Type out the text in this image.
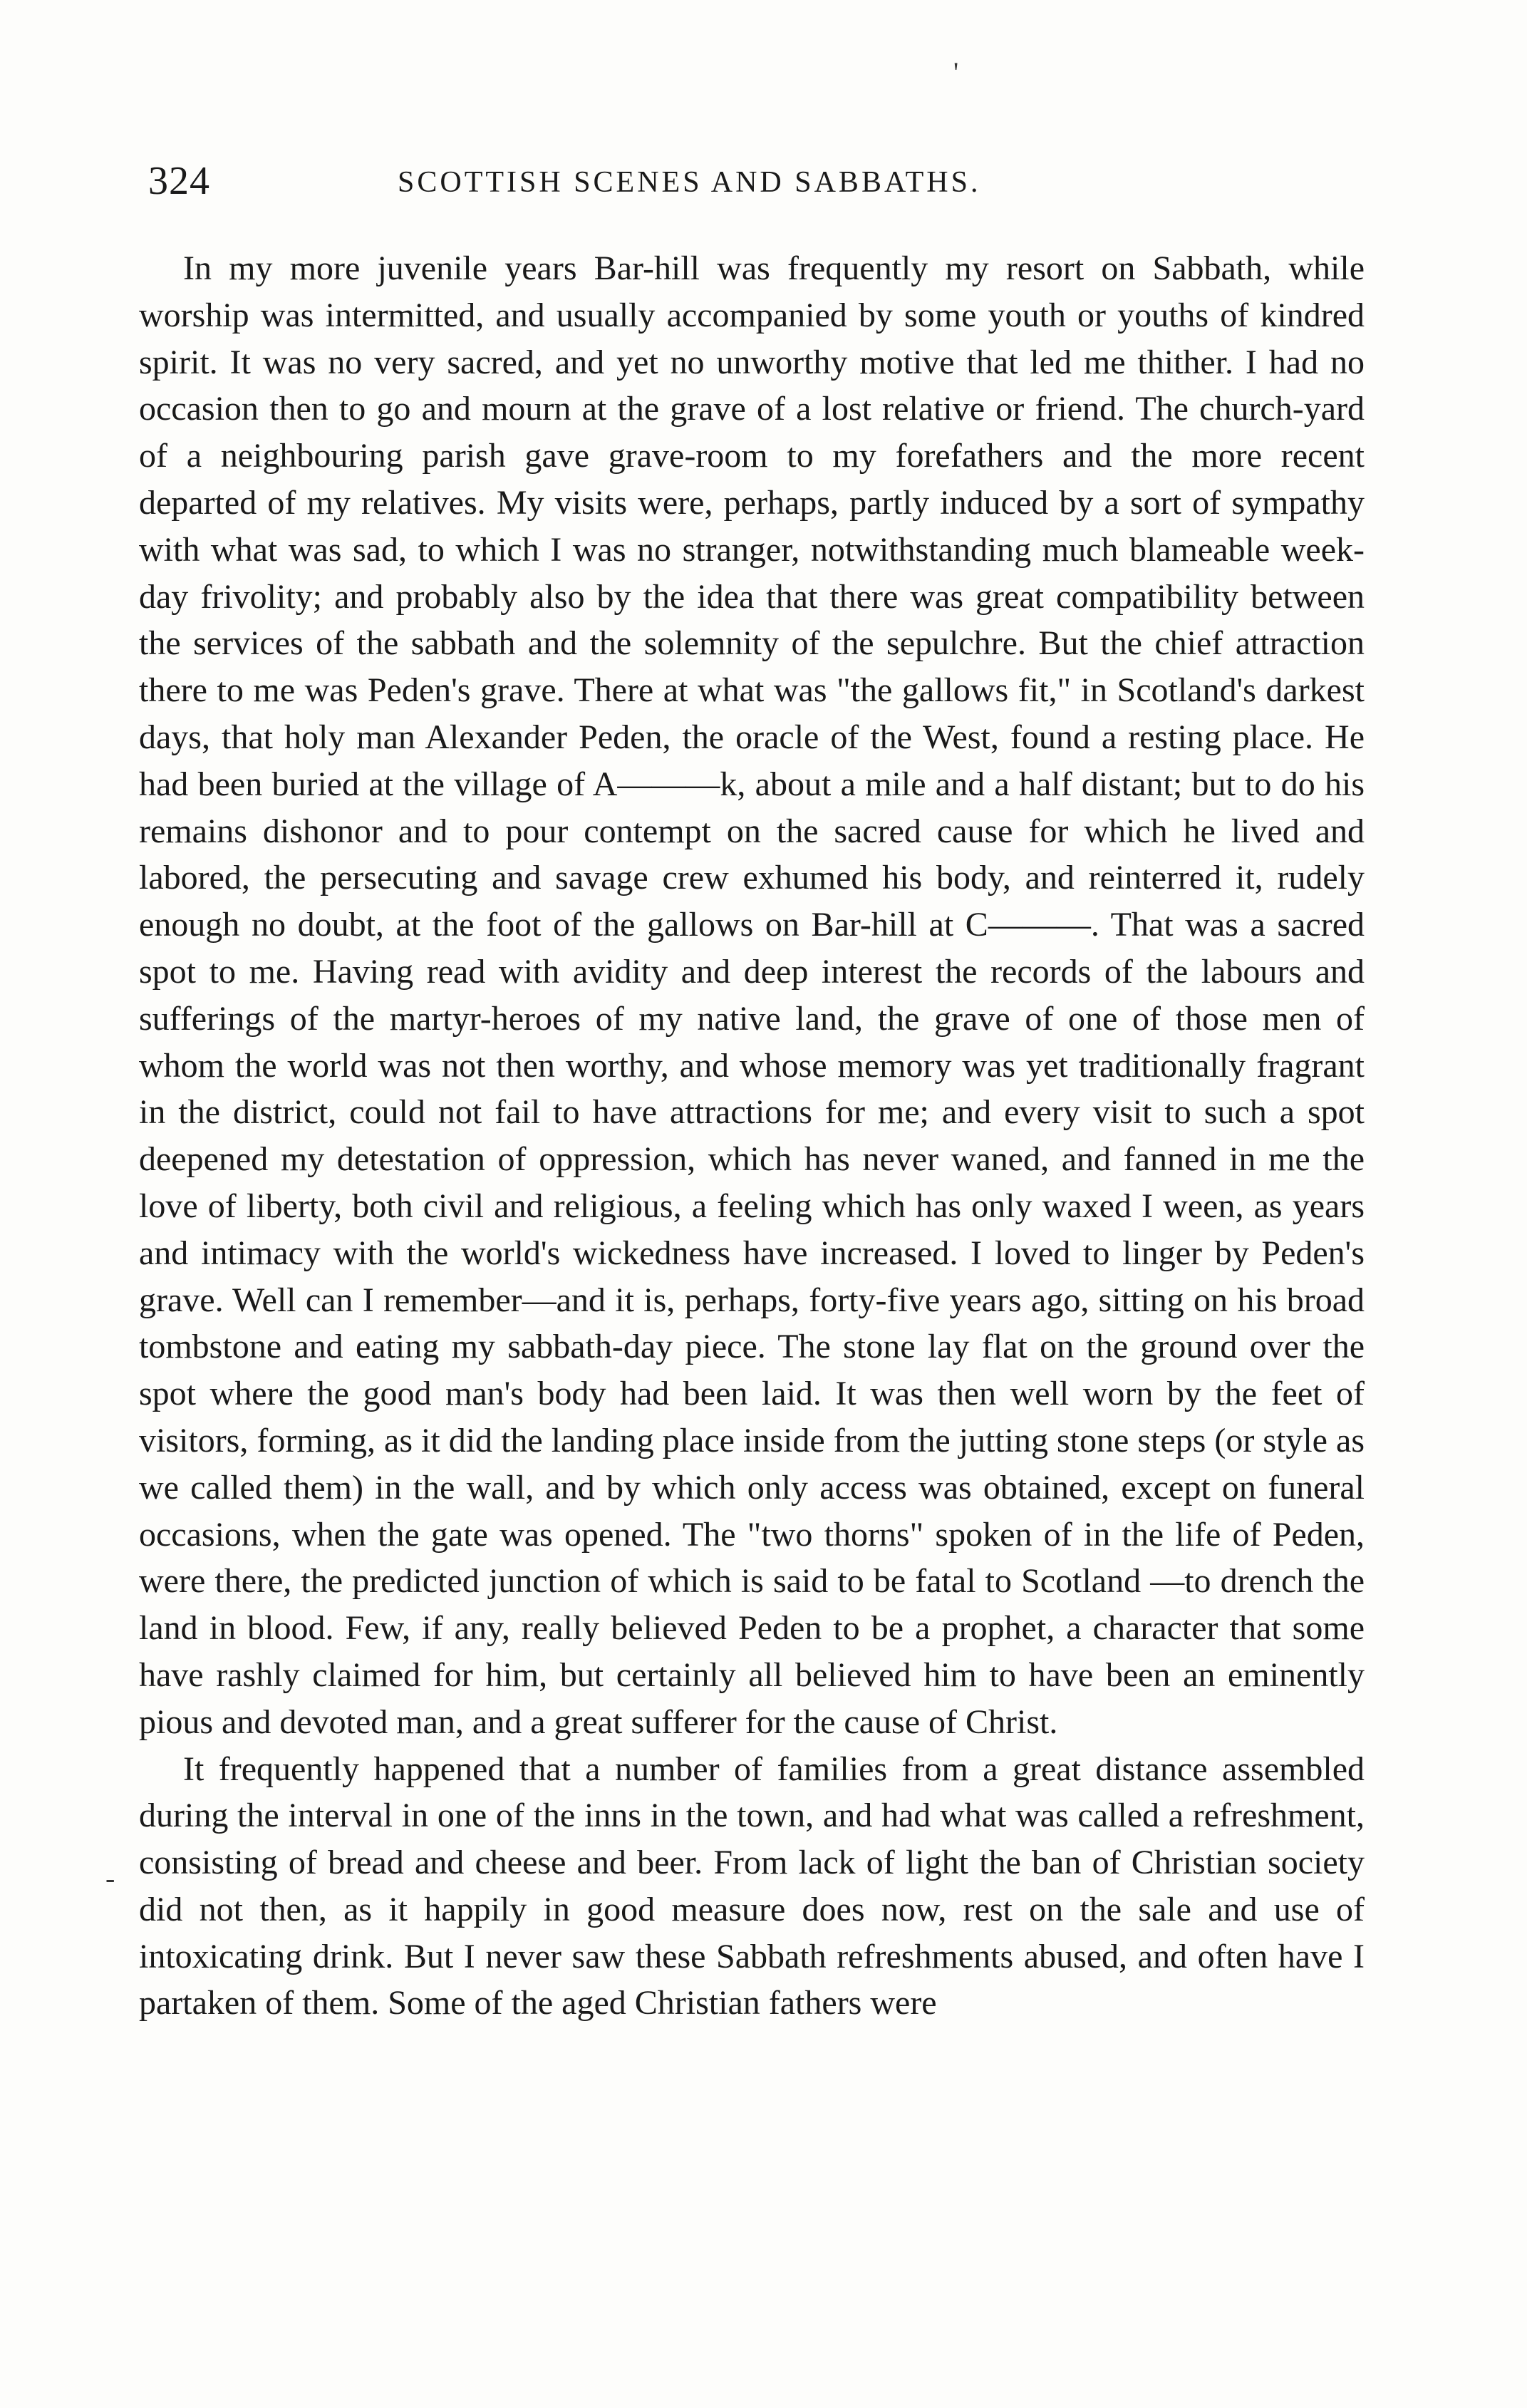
'
324	SCOTTISH SCENES AND SABBATHS.

In my more juvenile years Bar-hill was frequently my resort on Sabbath, while worship was intermitted, and usually accompanied by some youth or youths of kindred spirit. It was no very sacred, and yet no unworthy motive that led me thither. I had no occasion then to go and mourn at the grave of a lost relative or friend. The church-yard of a neighbouring parish gave grave-room to my forefathers and the more recent departed of my relatives. My visits were, perhaps, partly induced by a sort of sympathy with what was sad, to which I was no stranger, notwithstanding much blameable week-day frivolity; and probably also by the idea that there was great compatibility between the services of the sabbath and the solemnity of the sepulchre. But the chief attraction there to me was Peden's grave. There at what was "the gallows fit," in Scotland's darkest days, that holy man Alexander Peden, the oracle of the West, found a resting place. He had been buried at the village of A———k, about a mile and a half distant; but to do his remains dishonor and to pour contempt on the sacred cause for which he lived and labored, the persecuting and savage crew exhumed his body, and reinterred it, rudely enough no doubt, at the foot of the gallows on Bar-hill at C———. That was a sacred spot to me. Having read with avidity and deep interest the records of the labours and sufferings of the martyr-heroes of my native land, the grave of one of those men of whom the world was not then worthy, and whose memory was yet traditionally fragrant in the district, could not fail to have attractions for me; and every visit to such a spot deepened my detestation of oppression, which has never waned, and fanned in me the love of liberty, both civil and religious, a feeling which has only waxed I ween, as years and intimacy with the world's wickedness have increased. I loved to linger by Peden's grave. Well can I remember—and it is, perhaps, forty-five years ago, sitting on his broad tombstone and eating my sabbath-day piece. The stone lay flat on the ground over the spot where the good man's body had been laid. It was then well worn by the feet of visitors, forming, as it did the landing place inside from the jutting stone steps (or style as we called them) in the wall, and by which only access was obtained, except on funeral occasions, when the gate was opened. The "two thorns" spoken of in the life of Peden, were there, the predicted junction of which is said to be fatal to Scotland —to drench the land in blood. Few, if any, really believed Peden to be a prophet, a character that some have rashly claimed for him, but certainly all believed him to have been an eminently pious and devoted man, and a great sufferer for the cause of Christ.

It frequently happened that a number of families from a great distance assembled during the interval in one of the inns in the town, and had what was called a refreshment, consisting of bread and cheese and beer. From lack of light the ban of Christian society did not then, as it happily in good measure does now, rest on the sale and use of intoxicating drink. But I never saw these Sabbath refreshments abused, and often have I partaken of them. Some of the aged Christian fathers were

-
